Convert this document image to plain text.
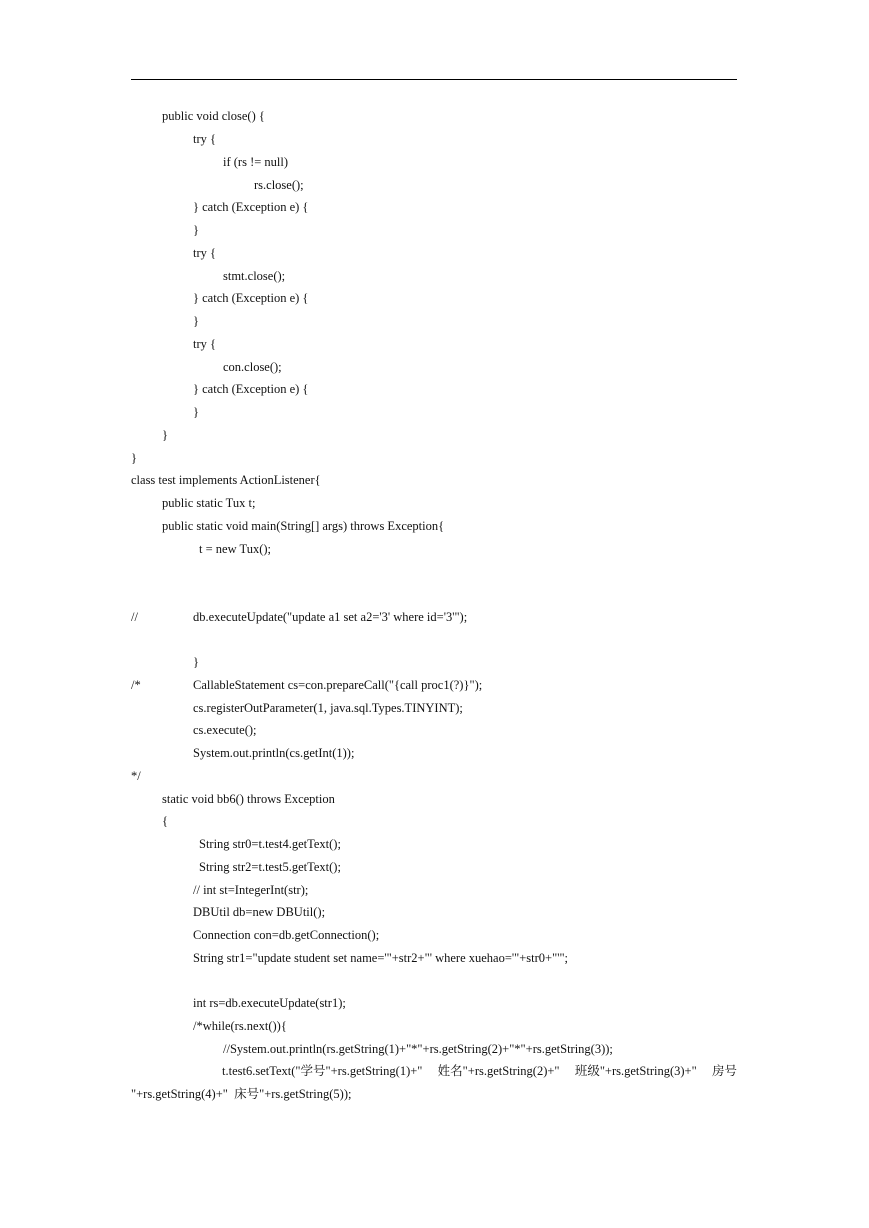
public void close() {
try {
if (rs != null)
rs.close();
} catch (Exception e) {
}
try {
stmt.close();
} catch (Exception e) {
}
try {
con.close();
} catch (Exception e) {
}
}
}
class test implements ActionListener{
public static Tux t;
public static void main(String[] args) throws Exception{
t = new Tux();
//	db.executeUpdate("update a1 set a2='3' where id='3'");
}
/*	CallableStatement cs=con.prepareCall("{call proc1(?)}");
cs.registerOutParameter(1, java.sql.Types.TINYINT);
cs.execute();
System.out.println(cs.getInt(1));
*/
static void bb6() throws Exception
{
String str0=t.test4.getText();
String str2=t.test5.getText();
// int st=IntegerInt(str);
DBUtil db=new DBUtil();
Connection con=db.getConnection();
String str1="update student set name='"+str2+"' where xuehao='"+str0+"'";
int rs=db.executeUpdate(str1);
/*while(rs.next()){
//System.out.println(rs.getString(1)+"*"+rs.getString(2)+"*"+rs.getString(3));
t.test6.setText("学号"+rs.getString(1)+" 姓名"+rs.getString(2)+" 班级"+rs.getString(3)+" 房号
"+rs.getString(4)+"  床号"+rs.getString(5));
